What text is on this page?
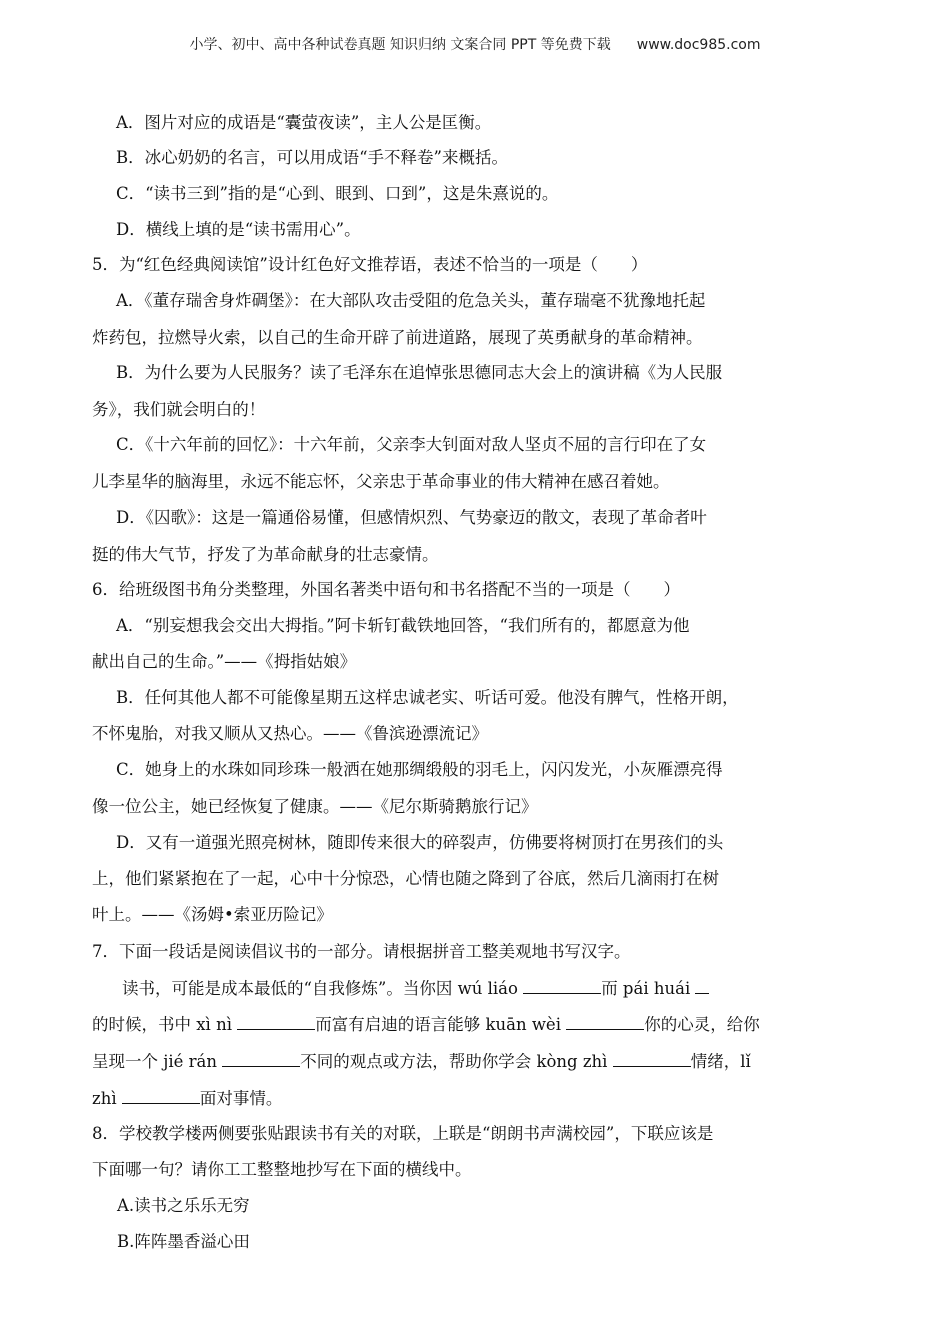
小学、初中、高中各种试卷真题 知识归纳 文案合同 PPT 等免费下载 www.doc985.com
A．图片对应的成语是“囊萤夜读”，主人公是匡衡。
B．冰心奶奶的名言，可以用成语“手不释卷”来概括。
C．“读书三到”指的是“心到、眼到、口到”，这是朱熹说的。
D．横线上填的是“读书需用心”。
5．为“红色经典阅读馆”设计红色好文推荐语，表述不恰当的一项是（　　）
A．《董存瑞舍身炸碉堡》：在大部队攻击受阻的危急关头，董存瑞毫不犹豫地托起
炸药包，拉燃导火索，以自己的生命开辟了前进道路，展现了英勇献身的革命精神。
B．为什么要为人民服务？读了毛泽东在追悼张思德同志大会上的演讲稿《为人民服
务》，我们就会明白的！
C．《十六年前的回忆》：十六年前，父亲李大钊面对敌人坚贞不屈的言行印在了女
儿李星华的脑海里，永远不能忘怀，父亲忠于革命事业的伟大精神在感召着她。
D．《囚歌》：这是一篇通俗易懂，但感情炽烈、气势豪迈的散文，表现了革命者叶
挺的伟大气节，抒发了为革命献身的壮志豪情。
6．给班级图书角分类整理，外国名著类中语句和书名搭配不当的一项是（　　）
A．“别妄想我会交出大拇指。”阿卡斩钉截铁地回答，“我们所有的，都愿意为他
献出自己的生命。”——《拇指姑娘》
B．任何其他人都不可能像星期五这样忠诚老实、听话可爱。他没有脾气，性格开朗，
不怀鬼胎，对我又顺从又热心。——《鲁滨逊漂流记》
C．她身上的水珠如同珍珠一般洒在她那绸缎般的羽毛上，闪闪发光，小灰雁漂亮得
像一位公主，她已经恢复了健康。——《尼尔斯骑鹅旅行记》
D．又有一道强光照亮树林，随即传来很大的碎裂声，仿佛要将树顶打在男孩们的头
上，他们紧紧抱在了一起，心中十分惊恐，心情也随之降到了谷底，然后几滴雨打在树
叶上。——《汤姆•索亚历险记》
7．下面一段话是阅读倡议书的一部分。请根据拼音工整美观地书写汉字。
读书，可能是成本最低的“自我修炼”。当你因 wú liáo	而 pái huái
的时候，书中 xì nì	而富有启迪的语言能够 kuān wèi	你的心灵，给你
呈现一个 jié rán	不同的观点或方法，帮助你学会 kòng zhì	情绪，lǐ
zhì	面对事情。
8．学校教学楼两侧要张贴跟读书有关的对联，上联是“朗朗书声满校园”，下联应该是
下面哪一句？请你工工整整地抄写在下面的横线中。
A.读书之乐乐无穷
B.阵阵墨香溢心田
